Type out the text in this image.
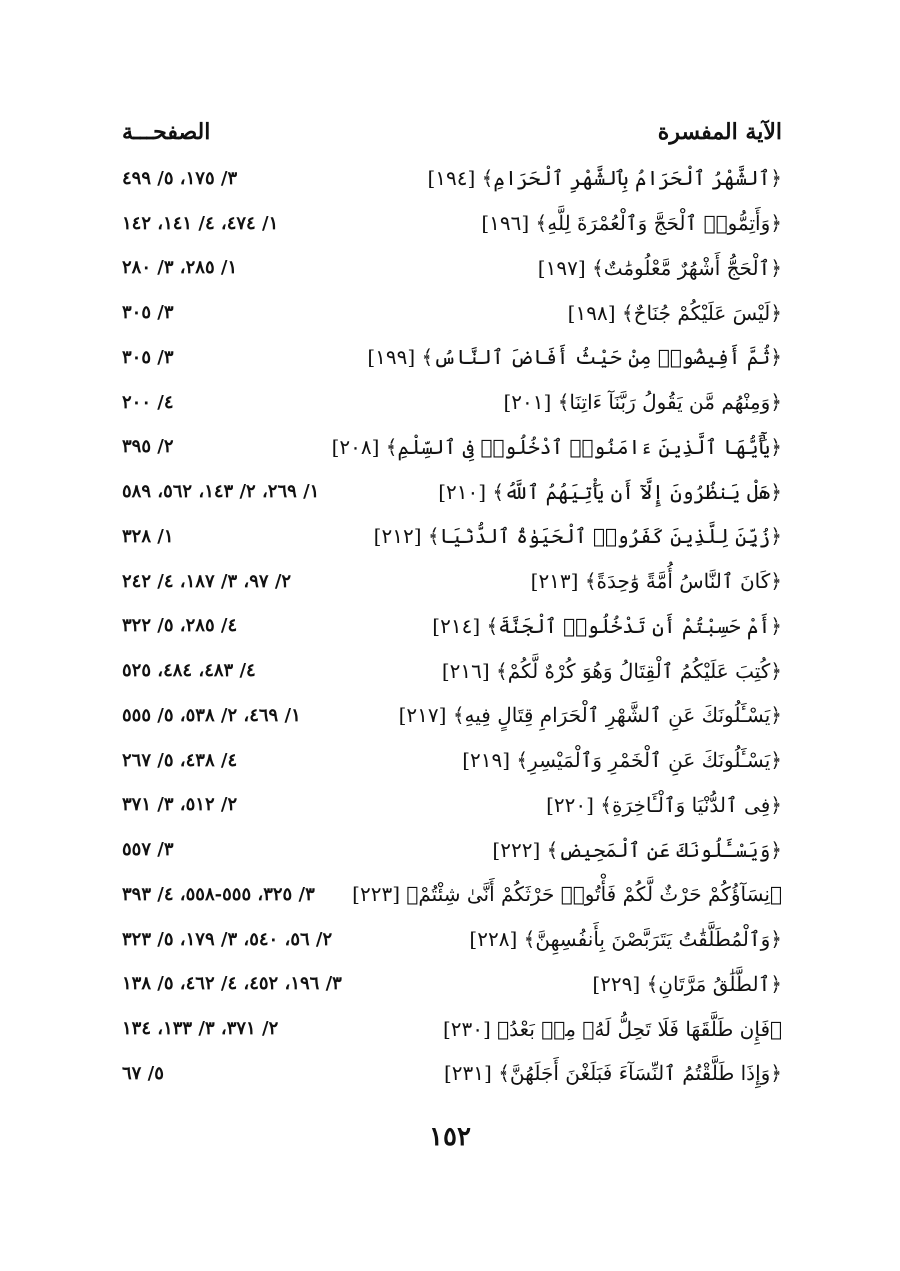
الصفحـــة	الآية المفسرة
٣/ ١٧٥، ٥/ ٤٩٩	﴿ٱلشَّهْرُ ٱلْحَرَامُ بِٱلشَّهْرِ ٱلْحَرَامِ﴾ [١٩٤]
١/ ٤٧٤، ٤/ ١٤١، ١٤٢	﴿وَأَتِمُّوا۟ ٱلْحَجَّ وَٱلْعُمْرَةَ لِلَّهِ﴾ [١٩٦]
١/ ٢٨٥، ٣/ ٢٨٠	﴿ٱلْحَجُّ أَشْهُرٌ مَّعْلُومَٰتٌ﴾ [١٩٧]
٣/ ٣٠٥	﴿لَيْسَ عَلَيْكُمْ جُنَاحٌ﴾ [١٩٨]
٣/ ٣٠٥	﴿ثُمَّ أَفِيضُوا۟ مِنْ حَيْثُ أَفَاضَ ٱلنَّاسُ﴾ [١٩٩]
٤/ ٢٠٠	﴿وَمِنْهُم مَّن يَقُولُ رَبَّنَآ ءَاتِنَا﴾ [٢٠١]
٢/ ٣٩٥	﴿يَٰٓأَيُّهَا ٱلَّذِينَ ءَامَنُوا۟ ٱدْخُلُوا۟ فِى ٱلسِّلْمِ﴾ [٢٠٨]
١/ ٢٦٩، ٢/ ١٤٣، ٥٦٢، ٥٨٩	﴿هَلْ يَنظُرُونَ إِلَّآ أَن يَأْتِيَهُمُ ٱللَّهُ﴾ [٢١٠]
١/ ٣٢٨	﴿زُيِّنَ لِلَّذِينَ كَفَرُوا۟ ٱلْحَيَوٰةُ ٱلدُّنْيَا﴾ [٢١٢]
٢/ ٩٧، ٣/ ١٨٧، ٤/ ٢٤٢	﴿كَانَ ٱلنَّاسُ أُمَّةً وَٰحِدَةً﴾ [٢١٣]
٤/ ٢٨٥، ٥/ ٣٢٢	﴿أَمْ حَسِبْتُمْ أَن تَدْخُلُوا۟ ٱلْجَنَّةَ﴾ [٢١٤]
٤/ ٤٨٣، ٤٨٤، ٥٢٥	﴿كُتِبَ عَلَيْكُمُ ٱلْقِتَالُ وَهُوَ كُرْهٌ لَّكُمْ﴾ [٢١٦]
١/ ٤٦٩، ٢/ ٥٣٨، ٥/ ٥٥٥	﴿يَسْـَٔلُونَكَ عَنِ ٱلشَّهْرِ ٱلْحَرَامِ قِتَالٍ فِيهِ﴾ [٢١٧]
٤/ ٤٣٨، ٥/ ٢٦٧	﴿يَسْـَٔلُونَكَ عَنِ ٱلْخَمْرِ وَٱلْمَيْسِرِ﴾ [٢١٩]
٢/ ٥١٢، ٣/ ٣٧١	﴿فِى ٱلدُّنْيَا وَٱلْـَٔاخِرَةِ﴾ [٢٢٠]
٣/ ٥٥٧	﴿وَيَسْـَٔلُونَكَ عَنِ ٱلْمَحِيضِ﴾ [٢٢٢]
٣/ ٣٢٥، ٥٥٥-٥٥٨، ٤/ ٣٩٣ ﴿نِسَآؤُكُمْ حَرْثٌ لَّكُمْ فَأْتُوا۟ حَرْثَكُمْ أَنَّىٰ شِئْتُمْ﴾ [٢٢٣]
٢/ ٥٦، ٥٤٠، ٣/ ١٧٩، ٥/ ٣٢٣	﴿وَٱلْمُطَلَّقَٰتُ يَتَرَبَّصْنَ بِأَنفُسِهِنَّ﴾ [٢٢٨]
٣/ ١٩٦، ٤٥٢، ٤/ ٤٦٢، ٥/ ١٣٨	﴿ٱلطَّلَٰقُ مَرَّتَانِ﴾ [٢٢٩]
٢/ ٣٧١، ٣/ ١٣٣، ١٣٤	﴿فَإِن طَلَّقَهَا فَلَا تَحِلُّ لَهُۥ مِنۢ بَعْدُ﴾ [٢٣٠]
٥/ ٦٧	﴿وَإِذَا طَلَّقْتُمُ ٱلنِّسَآءَ فَبَلَغْنَ أَجَلَهُنَّ﴾ [٢٣١]
١٥٢
